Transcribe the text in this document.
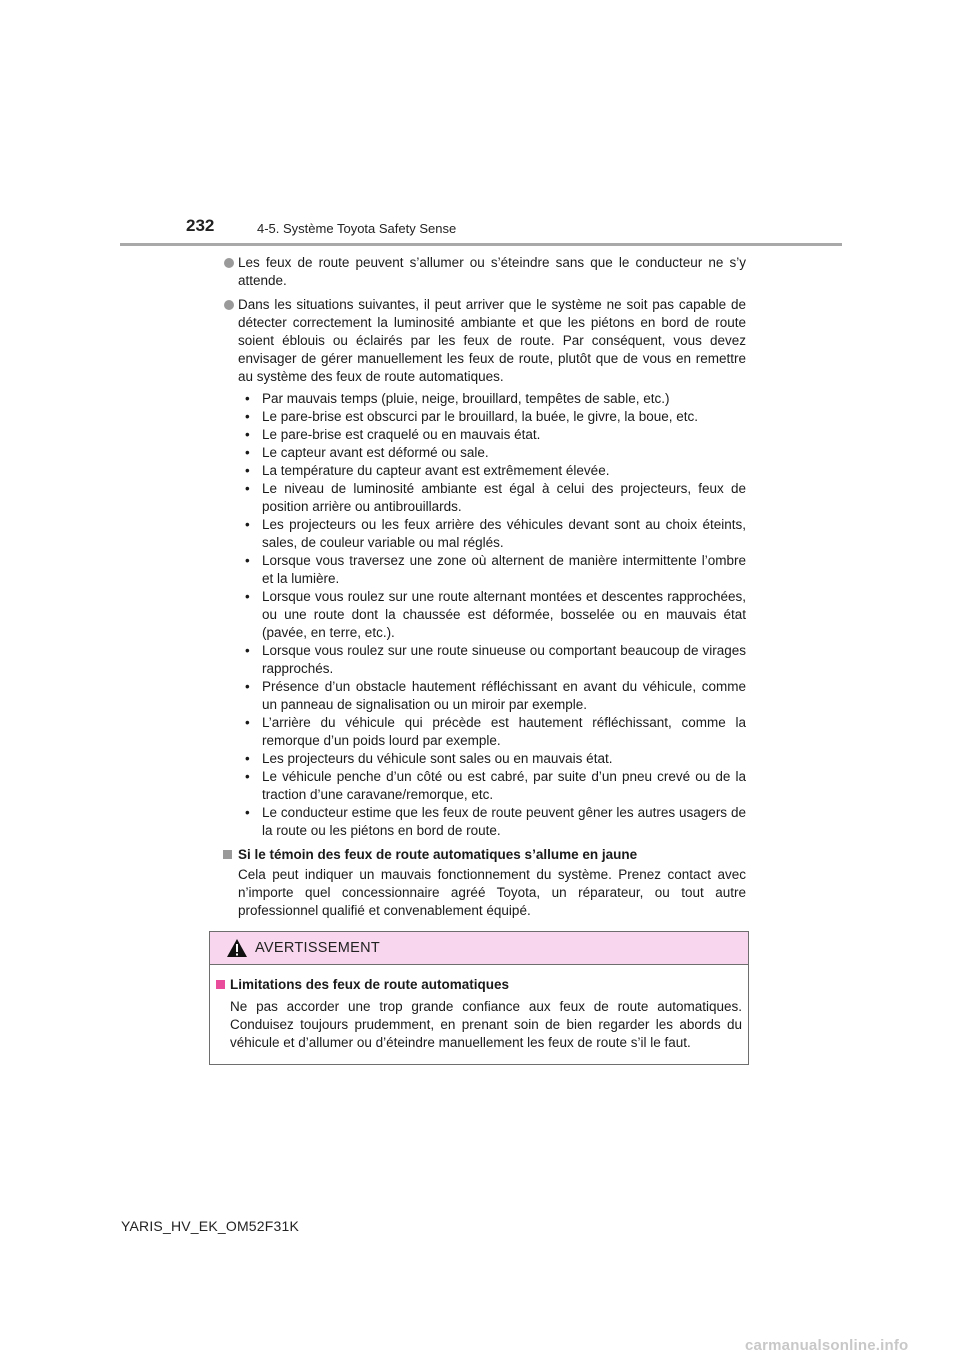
232	4-5. Système Toyota Safety Sense
Les feux de route peuvent s’allumer ou s’éteindre sans que le conducteur ne s’y attende.
Dans les situations suivantes, il peut arriver que le système ne soit pas capable de détecter correctement la luminosité ambiante et que les piétons en bord de route soient éblouis ou éclairés par les feux de route. Par conséquent, vous devez envisager de gérer manuellement les feux de route, plutôt que de vous en remettre au système des feux de route automatiques.
• Par mauvais temps (pluie, neige, brouillard, tempêtes de sable, etc.)
• Le pare-brise est obscurci par le brouillard, la buée, le givre, la boue, etc.
• Le pare-brise est craquelé ou en mauvais état.
• Le capteur avant est déformé ou sale.
• La température du capteur avant est extrêmement élevée.
• Le niveau de luminosité ambiante est égal à celui des projecteurs, feux de position arrière ou antibrouillards.
• Les projecteurs ou les feux arrière des véhicules devant sont au choix éteints, sales, de couleur variable ou mal réglés.
• Lorsque vous traversez une zone où alternent de manière intermittente l’ombre et la lumière.
• Lorsque vous roulez sur une route alternant montées et descentes rapprochées, ou une route dont la chaussée est déformée, bosselée ou en mauvais état (pavée, en terre, etc.).
• Lorsque vous roulez sur une route sinueuse ou comportant beaucoup de virages rapprochés.
• Présence d’un obstacle hautement réfléchissant en avant du véhicule, comme un panneau de signalisation ou un miroir par exemple.
• L’arrière du véhicule qui précède est hautement réfléchissant, comme la remorque d’un poids lourd par exemple.
• Les projecteurs du véhicule sont sales ou en mauvais état.
• Le véhicule penche d’un côté ou est cabré, par suite d’un pneu crevé ou de la traction d’une caravane/remorque, etc.
• Le conducteur estime que les feux de route peuvent gêner les autres usagers de la route ou les piétons en bord de route.
Si le témoin des feux de route automatiques s’allume en jaune
Cela peut indiquer un mauvais fonctionnement du système. Prenez contact avec n’importe quel concessionnaire agréé Toyota, un réparateur, ou tout autre professionnel qualifié et convenablement équipé.
AVERTISSEMENT
Limitations des feux de route automatiques
Ne pas accorder une trop grande confiance aux feux de route automatiques. Conduisez toujours prudemment, en prenant soin de bien regarder les abords du véhicule et d’allumer ou d’éteindre manuellement les feux de route s’il le faut.
YARIS_HV_EK_OM52F31K
carmanualsonline.info
